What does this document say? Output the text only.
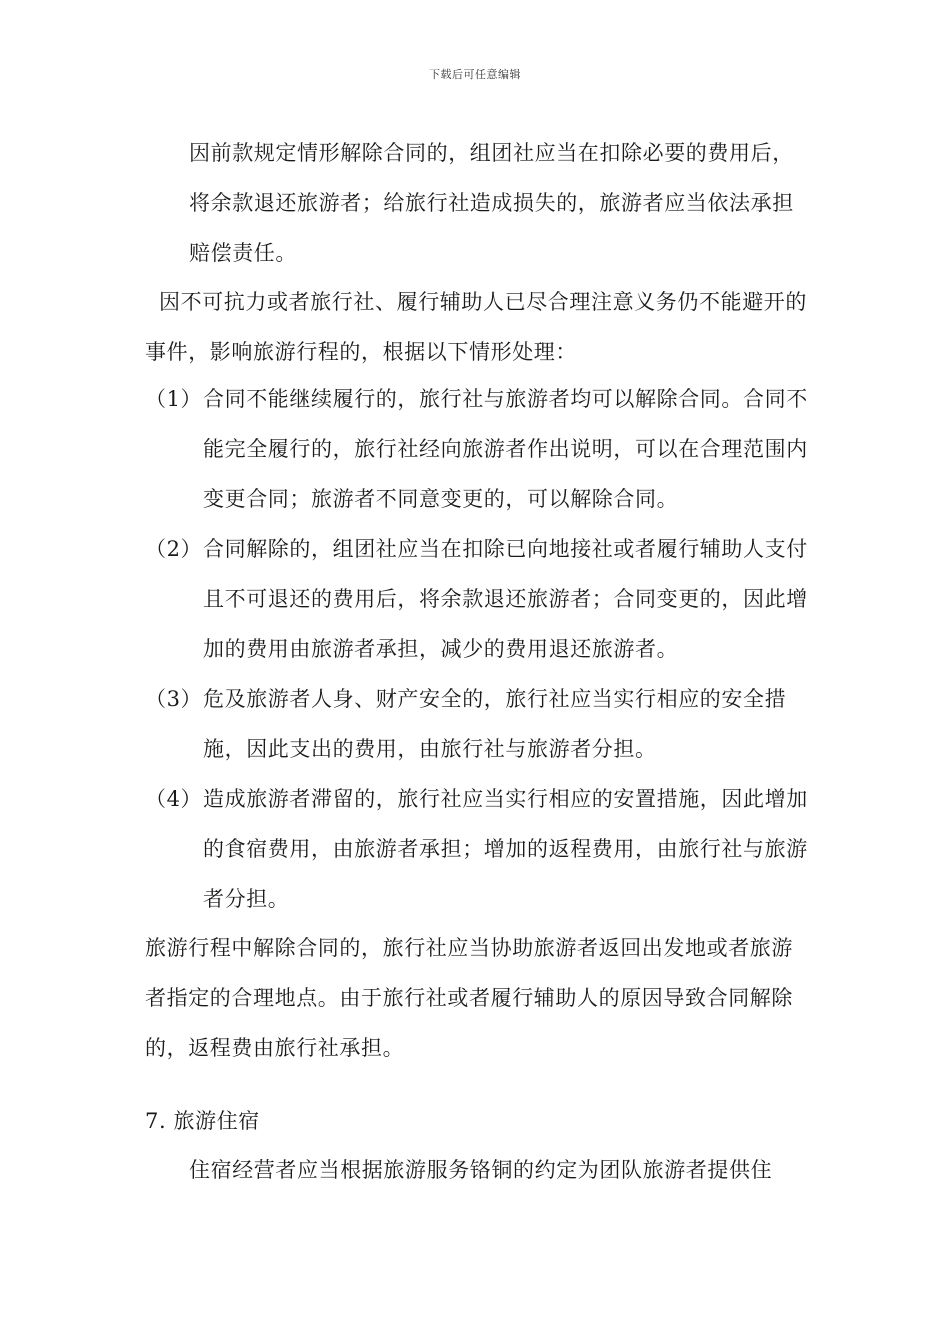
下载后可任意编辑

因前款规定情形解除合同的，组团社应当在扣除必要的费用后，将余款退还旅游者；给旅行社造成损失的，旅游者应当依法承担赔偿责任。

因不可抗力或者旅行社、履行辅助人已尽合理注意义务仍不能避开的事件，影响旅游行程的，根据以下情形处理：

（1） 合同不能继续履行的，旅行社与旅游者均可以解除合同。合同不能完全履行的，旅行社经向旅游者作出说明，可以在合理范围内变更合同；旅游者不同意变更的，可以解除合同。
（2） 合同解除的，组团社应当在扣除已向地接社或者履行辅助人支付且不可退还的费用后，将余款退还旅游者；合同变更的，因此增加的费用由旅游者承担，减少的费用退还旅游者。
（3） 危及旅游者人身、财产安全的，旅行社应当实行相应的安全措施，因此支出的费用，由旅行社与旅游者分担。
（4） 造成旅游者滞留的，旅行社应当实行相应的安置措施，因此增加的食宿费用，由旅游者承担；增加的返程费用，由旅行社与旅游者分担。

旅游行程中解除合同的，旅行社应当协助旅游者返回出发地或者旅游者指定的合理地点。由于旅行社或者履行辅助人的原因导致合同解除的，返程费由旅行社承担。

7. 旅游住宿

住宿经营者应当根据旅游服务铬铜的约定为团队旅游者提供住
